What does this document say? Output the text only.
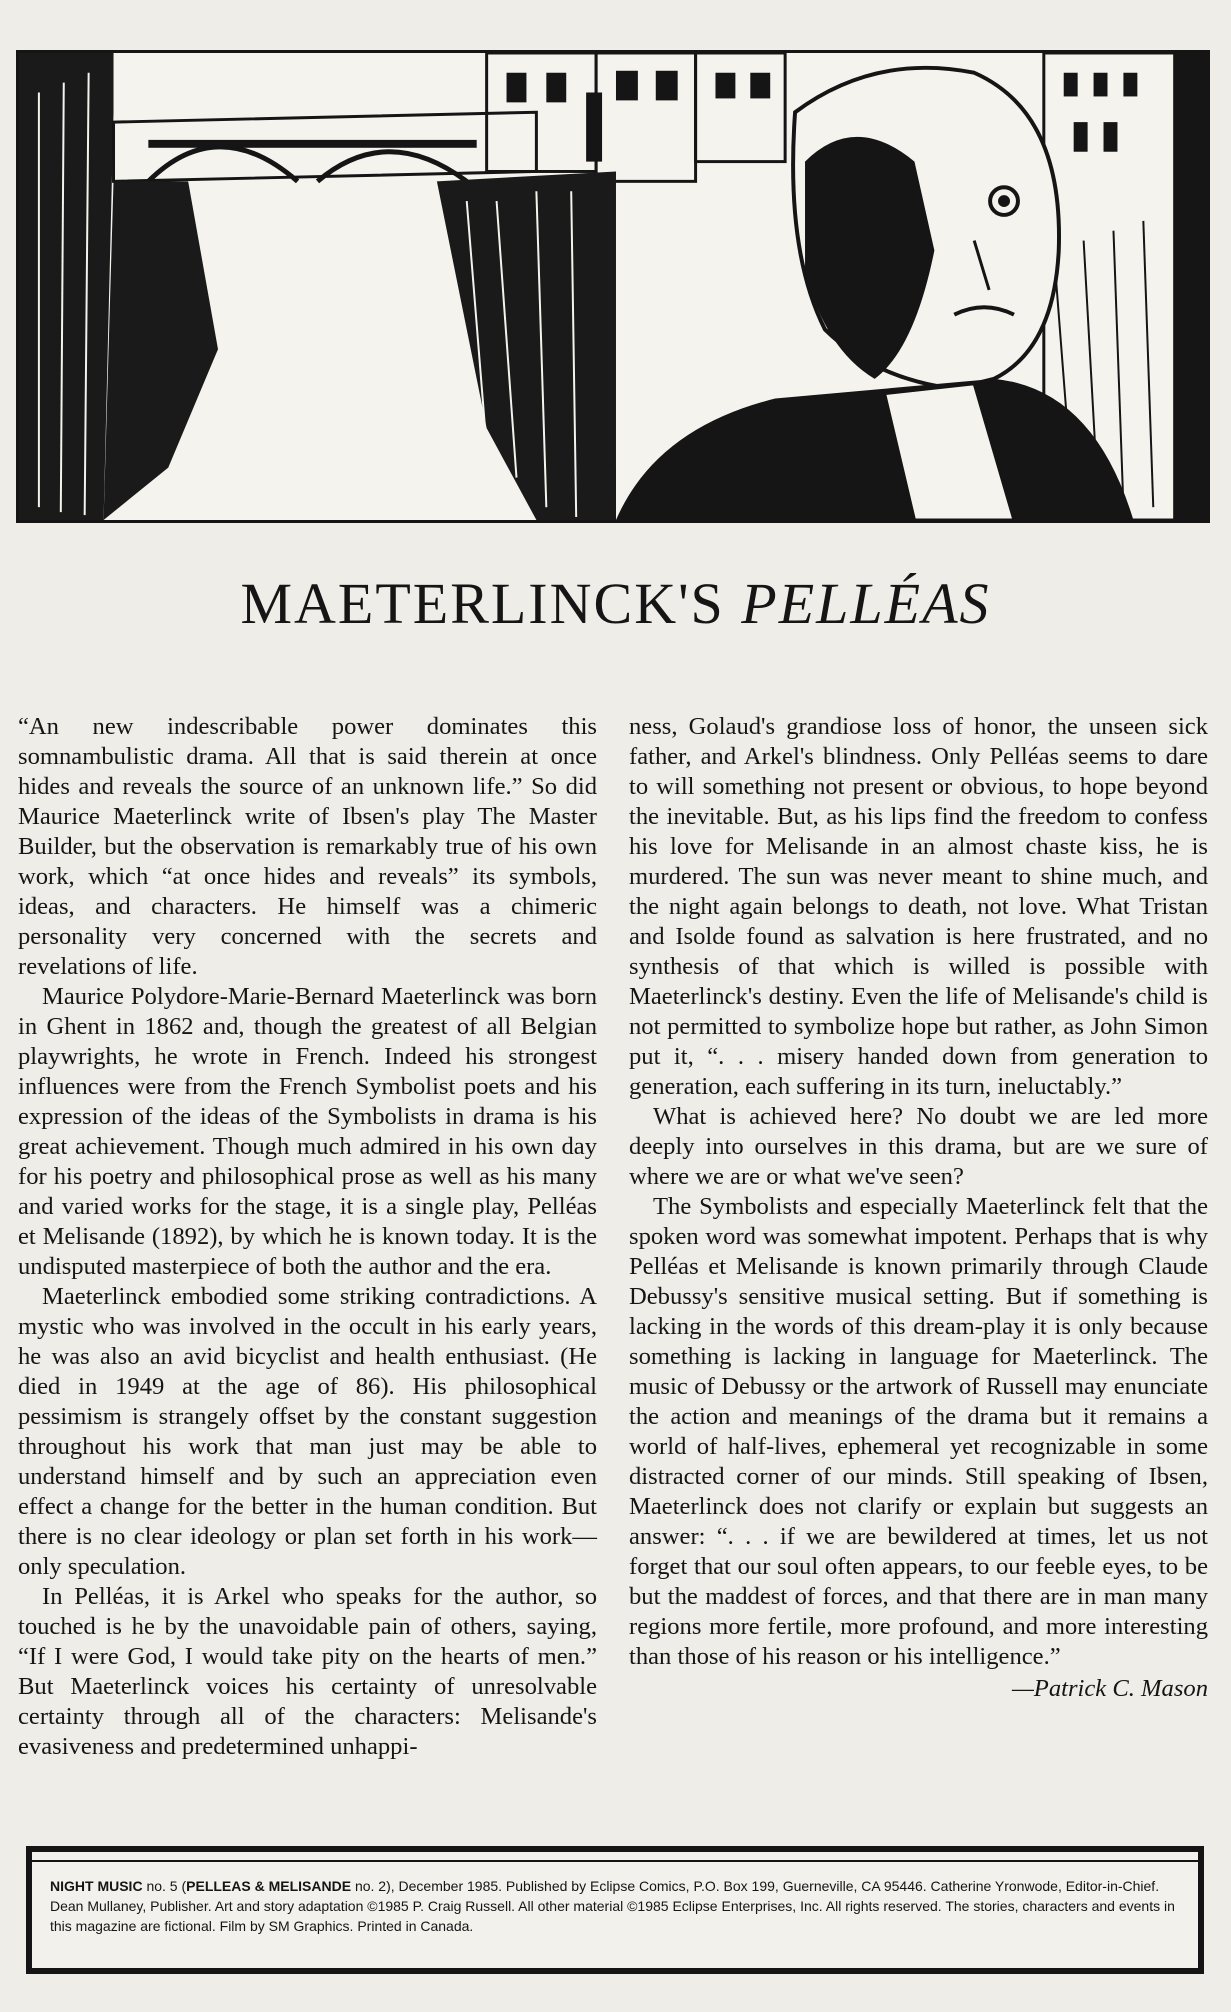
MAETERLINCK'S PELLÉAS

“An new indescribable power dominates this somnambulistic drama. All that is said therein at once hides and reveals the source of an unknown life.” So did Maurice Maeterlinck write of Ibsen's play The Master Builder, but the observation is remarkably true of his own work, which “at once hides and reveals” its symbols, ideas, and characters. He himself was a chimeric personality very concerned with the secrets and revelations of life.

Maurice Polydore-Marie-Bernard Maeterlinck was born in Ghent in 1862 and, though the greatest of all Belgian playwrights, he wrote in French. Indeed his strongest influences were from the French Symbolist poets and his expression of the ideas of the Symbolists in drama is his great achievement. Though much admired in his own day for his poetry and philosophical prose as well as his many and varied works for the stage, it is a single play, Pelléas et Melisande (1892), by which he is known today. It is the undisputed masterpiece of both the author and the era.

Maeterlinck embodied some striking contradictions. A mystic who was involved in the occult in his early years, he was also an avid bicyclist and health enthusiast. (He died in 1949 at the age of 86). His philosophical pessimism is strangely offset by the constant suggestion throughout his work that man just may be able to understand himself and by such an appreciation even effect a change for the better in the human condition. But there is no clear ideology or plan set forth in his work—only speculation.

In Pelléas, it is Arkel who speaks for the author, so touched is he by the unavoidable pain of others, saying, “If I were God, I would take pity on the hearts of men.” But Maeterlinck voices his certainty of unresolvable certainty through all of the characters: Melisande's evasiveness and predetermined unhappi-

ness, Golaud's grandiose loss of honor, the unseen sick father, and Arkel's blindness. Only Pelléas seems to dare to will something not present or obvious, to hope beyond the inevitable. But, as his lips find the freedom to confess his love for Melisande in an almost chaste kiss, he is murdered. The sun was never meant to shine much, and the night again belongs to death, not love. What Tristan and Isolde found as salvation is here frustrated, and no synthesis of that which is willed is possible with Maeterlinck's destiny. Even the life of Melisande's child is not permitted to symbolize hope but rather, as John Simon put it, “. . . misery handed down from generation to generation, each suffering in its turn, ineluctably.”

What is achieved here? No doubt we are led more deeply into ourselves in this drama, but are we sure of where we are or what we've seen?

The Symbolists and especially Maeterlinck felt that the spoken word was somewhat impotent. Perhaps that is why Pelléas et Melisande is known primarily through Claude Debussy's sensitive musical setting. But if something is lacking in the words of this dream-play it is only because something is lacking in language for Maeterlinck. The music of Debussy or the artwork of Russell may enunciate the action and meanings of the drama but it remains a world of half-lives, ephemeral yet recognizable in some distracted corner of our minds. Still speaking of Ibsen, Maeterlinck does not clarify or explain but suggests an answer: “. . . if we are bewildered at times, let us not forget that our soul often appears, to our feeble eyes, to be but the maddest of forces, and that there are in man many regions more fertile, more profound, and more interesting than those of his reason or his intelligence.”

—Patrick C. Mason
NIGHT MUSIC no. 5 (PELLEAS & MELISANDE no. 2), December 1985. Published by Eclipse Comics, P.O. Box 199, Guerneville, CA 95446. Catherine Yronwode, Editor-in-Chief. Dean Mullaney, Publisher. Art and story adaptation ©1985 P. Craig Russell. All other material ©1985 Eclipse Enterprises, Inc. All rights reserved. The stories, characters and events in this magazine are fictional. Film by SM Graphics. Printed in Canada.
